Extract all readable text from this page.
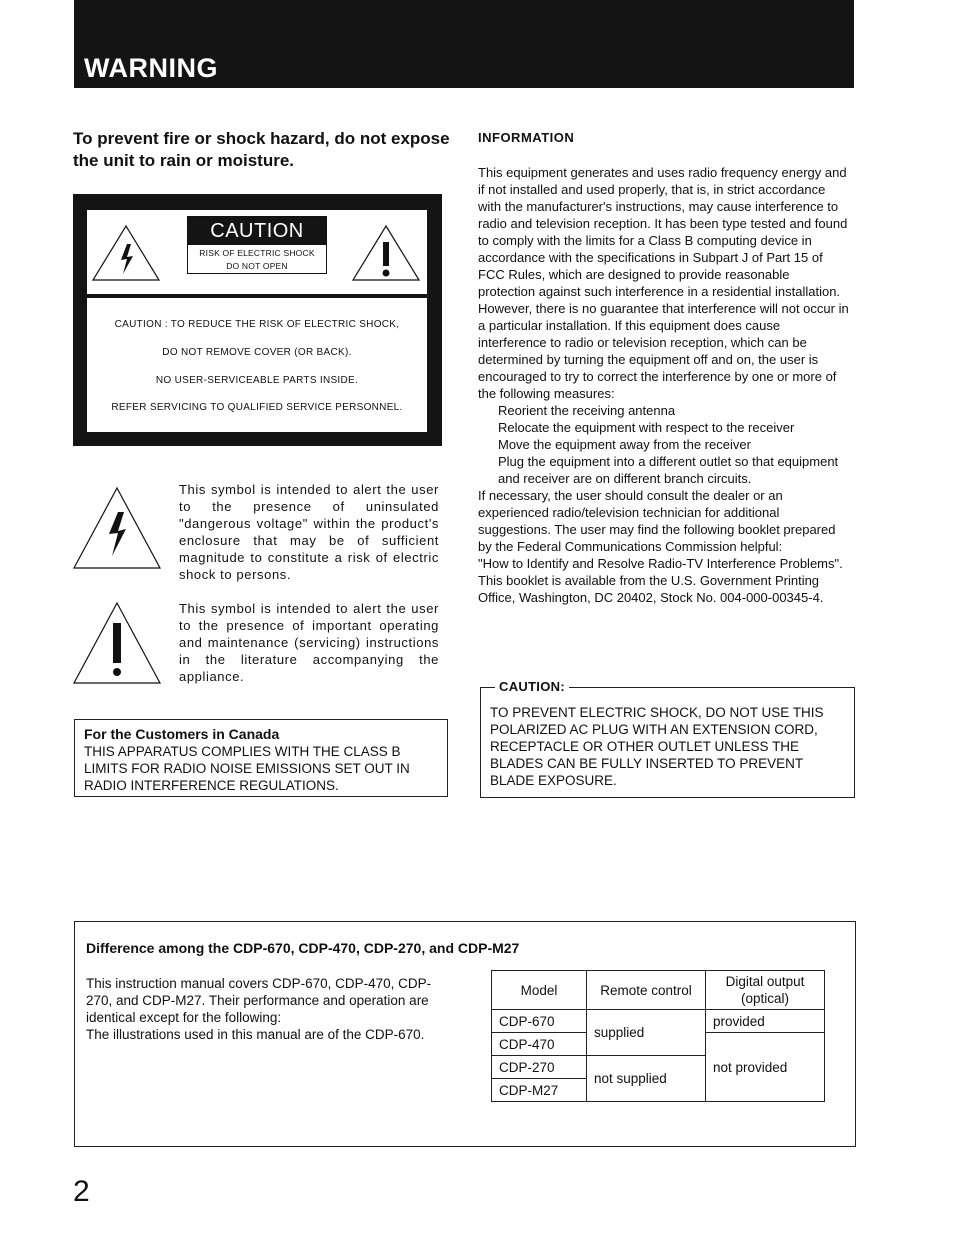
WARNING
To prevent fire or shock hazard, do not expose the unit to rain or moisture.
CAUTION
RISK OF ELECTRIC SHOCK
DO NOT OPEN
CAUTION : TO REDUCE THE RISK OF ELECTRIC SHOCK,
DO NOT REMOVE COVER (OR BACK).
NO USER-SERVICEABLE PARTS INSIDE.
REFER SERVICING TO QUALIFIED SERVICE PERSONNEL.
This symbol is intended to alert the user to the presence of uninsulated "dangerous voltage" within the product's enclosure that may be of sufficient magnitude to constitute a risk of electric shock to persons.
This symbol is intended to alert the user to the presence of important operating and maintenance (servicing) instructions in the literature accompanying the appliance.
For the Customers in Canada
THIS APPARATUS COMPLIES WITH THE CLASS B LIMITS FOR RADIO NOISE EMISSIONS SET OUT IN RADIO INTERFERENCE REGULATIONS.
INFORMATION
This equipment generates and uses radio frequency energy and if not installed and used properly, that is, in strict accordance with the manufacturer's instructions, may cause interference to radio and television reception. It has been type tested and found to comply with the limits for a Class B computing device in accordance with the specifications in Subpart J of Part 15 of FCC Rules, which are designed to provide reasonable protection against such interference in a residential installation. However, there is no guarantee that interference will not occur in a particular installation. If this equipment does cause interference to radio or television reception, which can be determined by turning the equipment off and on, the user is encouraged to try to correct the interference by one or more of the following measures:
Reorient the receiving antenna
Relocate the equipment with respect to the receiver
Move the equipment away from the receiver
Plug the equipment into a different outlet so that equipment and receiver are on different branch circuits.
If necessary, the user should consult the dealer or an experienced radio/television technician for additional suggestions. The user may find the following booklet prepared by the Federal Communications Commission helpful:
"How to Identify and Resolve Radio-TV Interference Problems". This booklet is available from the U.S. Government Printing Office, Washington, DC 20402, Stock No. 004-000-00345-4.
CAUTION:
TO PREVENT ELECTRIC SHOCK, DO NOT USE THIS POLARIZED AC PLUG WITH AN EXTENSION CORD, RECEPTACLE OR OTHER OUTLET UNLESS THE BLADES CAN BE FULLY INSERTED TO PREVENT BLADE EXPOSURE.
Difference among the CDP-670, CDP-470, CDP-270, and CDP-M27
This instruction manual covers CDP-670, CDP-470, CDP-270, and CDP-M27. Their performance and operation are identical except for the following:
The illustrations used in this manual are of the CDP-670.
Model	Remote control	Digital output (optical)
CDP-670	supplied	provided
CDP-470		not provided
CDP-270	not supplied	
CDP-M27		
2
